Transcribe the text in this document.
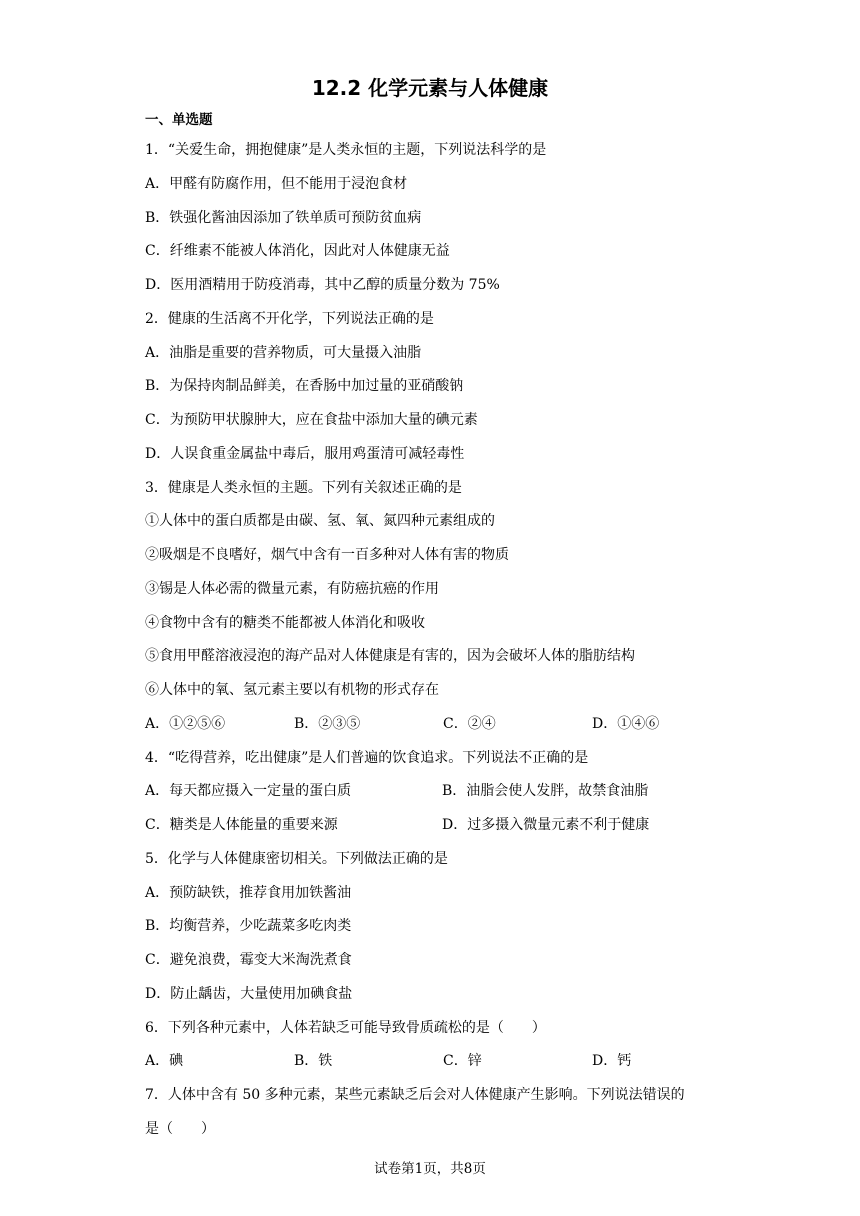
12.2 化学元素与人体健康
一、单选题
1．“关爱生命，拥抱健康”是人类永恒的主题，下列说法科学的是
A．甲醛有防腐作用，但不能用于浸泡食材
B．铁强化酱油因添加了铁单质可预防贫血病
C．纤维素不能被人体消化，因此对人体健康无益
D．医用酒精用于防疫消毒，其中乙醇的质量分数为 75%
2．健康的生活离不开化学，下列说法正确的是
A．油脂是重要的营养物质，可大量摄入油脂
B．为保持肉制品鲜美，在香肠中加过量的亚硝酸钠
C．为预防甲状腺肿大，应在食盐中添加大量的碘元素
D．人误食重金属盐中毒后，服用鸡蛋清可减轻毒性
3．健康是人类永恒的主题。下列有关叙述正确的是
①人体中的蛋白质都是由碳、氢、氧、氮四种元素组成的
②吸烟是不良嗜好，烟气中含有一百多种对人体有害的物质
③锡是人体必需的微量元素，有防癌抗癌的作用
④食物中含有的糖类不能都被人体消化和吸收
⑤食用甲醛溶液浸泡的海产品对人体健康是有害的，因为会破坏人体的脂肪结构
⑥人体中的氧、氢元素主要以有机物的形式存在
A．①②⑤⑥	B．②③⑤	C．②④	D．①④⑥
4．“吃得营养，吃出健康”是人们普遍的饮食追求。下列说法不正确的是
A．每天都应摄入一定量的蛋白质	B．油脂会使人发胖，故禁食油脂
C．糖类是人体能量的重要来源	D．过多摄入微量元素不利于健康
5．化学与人体健康密切相关。下列做法正确的是
A．预防缺铁，推荐食用加铁酱油
B．均衡营养，少吃蔬菜多吃肉类
C．避免浪费，霉变大米淘洗煮食
D．防止龋齿，大量使用加碘食盐
6．下列各种元素中，人体若缺乏可能导致骨质疏松的是（　　）
A．碘	B．铁	C．锌	D．钙
7．人体中含有 50 多种元素，某些元素缺乏后会对人体健康产生影响。下列说法错误的
是（　　）
试卷第1页，共8页
